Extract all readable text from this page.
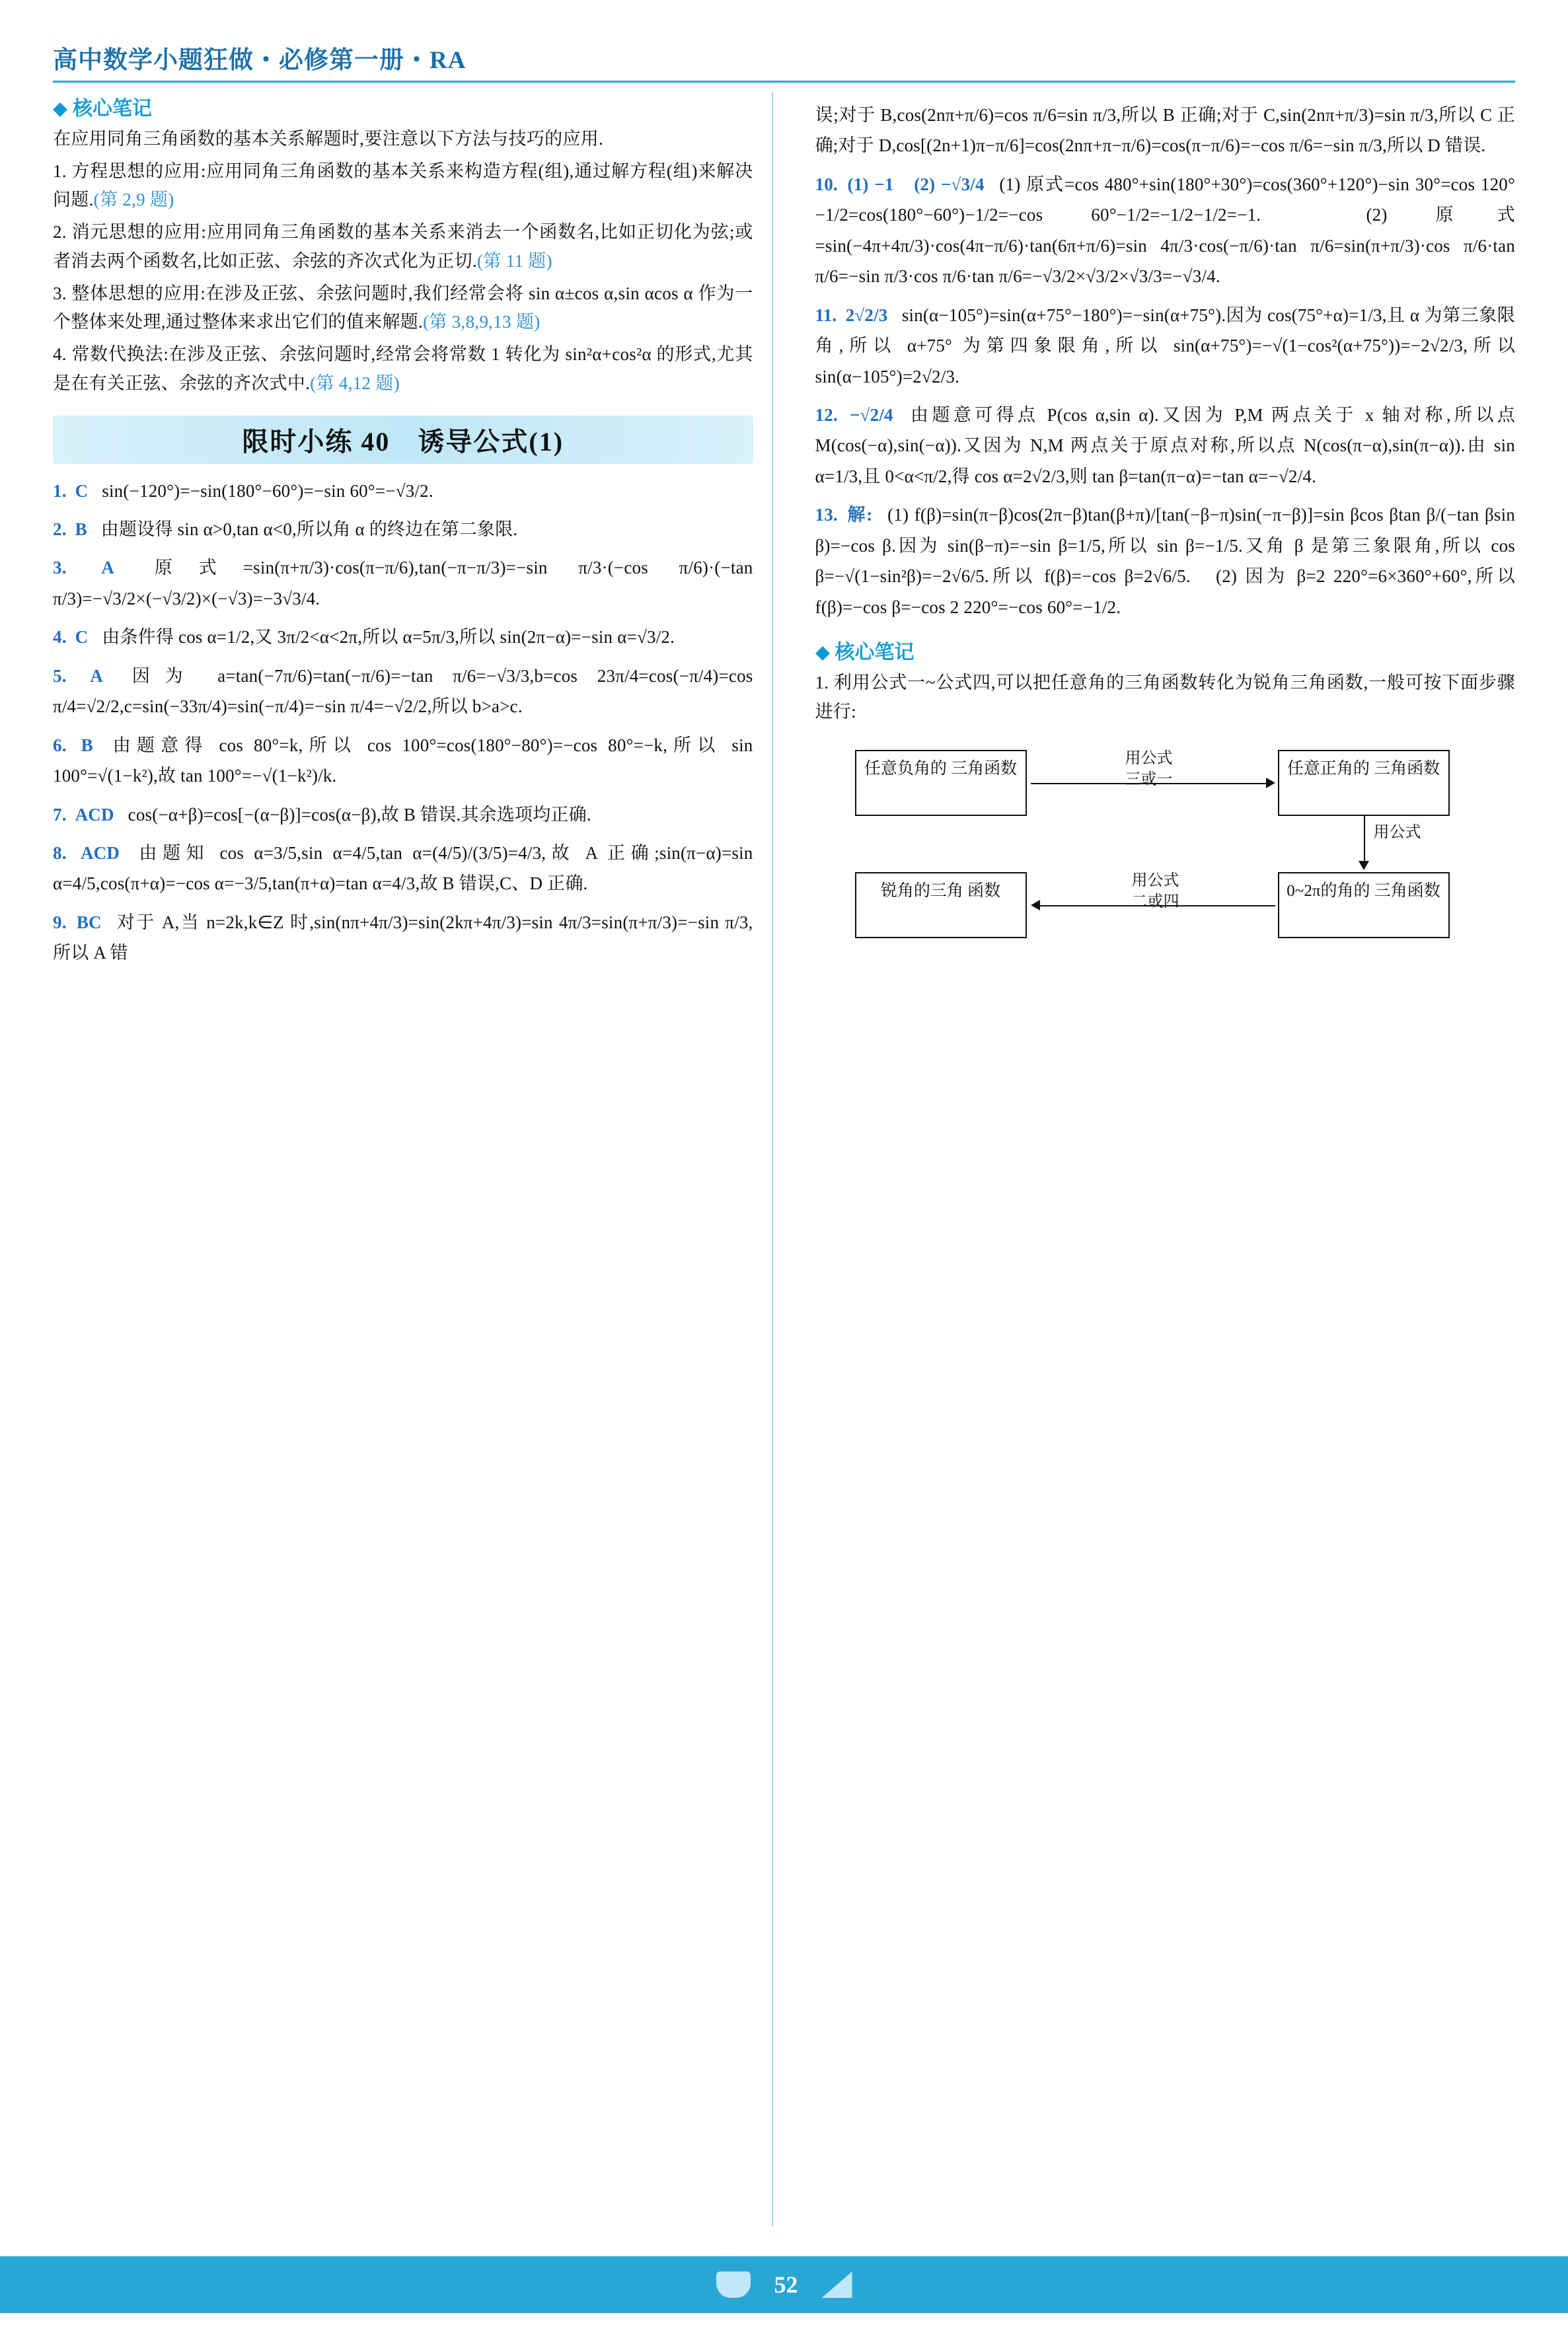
高中数学小题狂做・必修第一册・RA
核心笔记

在应用同角三角函数的基本关系解题时,要注意以下方法与技巧的应用.

1. 方程思想的应用:应用同角三角函数的基本关系来构造方程(组),通过解方程(组)来解决问题.(第 2,9 题)

2. 消元思想的应用:应用同角三角函数的基本关系来消去一个函数名,比如正切化为弦;或者消去两个函数名,比如正弦、余弦的齐次式化为正切.(第 11 题)

3. 整体思想的应用:在涉及正弦、余弦问题时,我们经常会将 sin α±cos α,sin αcos α 作为一个整体来处理,通过整体来求出它们的值来解题.(第 3,8,9,13 题)

4. 常数代换法:在涉及正弦、余弦问题时,经常会将常数 1 转化为 sin²α+cos²α 的形式,尤其是在有关正弦、余弦的齐次式中.(第 4,12 题)

限时小练 40　诱导公式(1)
1. C sin(−120°)=−sin(180°−60°)=−sin 60°=−√3/2.
2. B 由题设得 sin α>0,tan α<0,所以角 α 的终边在第二象限.
3. A 原式=sin(π+π/3)·cos(π−π/6),tan(−π−π/3)=−sin π/3·(−cos π/6)·(−tan π/3)=−√3/2×(−√3/2)×(−√3)=−3√3/4.
4. C 由条件得 cos α=1/2,又 3π/2<α<2π,所以 α=5π/3,所以 sin(2π−α)=−sin α=√3/2.
5. A 因为 a=tan(−7π/6)=tan(−π/6)=−tan π/6=−√3/3,b=cos 23π/4=cos(−π/4)=cos π/4=√2/2,c=sin(−33π/4)=sin(−π/4)=−sin π/4=−√2/2,所以 b>a>c.
6. B 由题意得 cos 80°=k,所以 cos 100°=cos(180°−80°)=−cos 80°=−k,所以 sin 100°=√(1−k²),故 tan 100°=−√(1−k²)/k.
7. ACD cos(−α+β)=cos[−(α−β)]=cos(α−β),故 B 错误.其余选项均正确.
8. ACD 由题知 cos α=3/5,sin α=4/5,tan α=(4/5)/(3/5)=4/3,故 A 正确;sin(π−α)=sin α=4/5,cos(π+α)=−cos α=−3/5,tan(π+α)=tan α=4/3,故 B 错误,C、D 正确.
9. BC 对于 A,当 n=2k,k∈Z 时,sin(nπ+4π/3)=sin(2kπ+4π/3)=sin 4π/3=sin(π+π/3)=−sin π/3,所以 A 错
误;对于 B,cos(2nπ+π/6)=cos π/6=sin π/3,所以 B 正确;对于 C,sin(2nπ+π/3)=sin π/3,所以 C 正确;对于 D,cos[(2n+1)π−π/6]=cos(2nπ+π−π/6)=cos(π−π/6)=−cos π/6=−sin π/3,所以 D 错误.
10. (1) −1　(2) −√3/4 (1) 原式=cos 480°+sin(180°+30°)=cos(360°+120°)−sin 30°=cos 120°−1/2=cos(180°−60°)−1/2=−cos 60°−1/2=−1/2−1/2=−1.　(2) 原式=sin(−4π+4π/3)·cos(4π−π/6)·tan(6π+π/6)=sin 4π/3·cos(−π/6)·tan π/6=sin(π+π/3)·cos π/6·tan π/6=−sin π/3·cos π/6·tan π/6=−√3/2×√3/2×√3/3=−√3/4.
11. 2√2/3 sin(α−105°)=sin(α+75°−180°)=−sin(α+75°).因为 cos(75°+α)=1/3,且 α 为第三象限角,所以 α+75° 为第四象限角,所以 sin(α+75°)=−√(1−cos²(α+75°))=−2√2/3,所以 sin(α−105°)=2√2/3.
12. −√2/4 由题意可得点 P(cos α,sin α).又因为 P,M 两点关于 x 轴对称,所以点 M(cos(−α),sin(−α)).又因为 N,M 两点关于原点对称,所以点 N(cos(π−α),sin(π−α)).由 sin α=1/3,且 0<α<π/2,得 cos α=2√2/3,则 tan β=tan(π−α)=−tan α=−√2/4.
13. 解: (1) f(β)=sin(π−β)cos(2π−β)tan(β+π)/[tan(−β−π)sin(−π−β)]=sin βcos βtan β/(−tan βsin β)=−cos β.因为 sin(β−π)=−sin β=1/5,所以 sin β=−1/5.又角 β 是第三象限角,所以 cos β=−√(1−sin²β)=−2√6/5.所以 f(β)=−cos β=2√6/5.　(2) 因为 β=2 220°=6×360°+60°,所以 f(β)=−cos β=−cos 2 220°=−cos 60°=−1/2.
核心笔记

1. 利用公式一~公式四,可以把任意角的三角函数转化为锐角三角函数,一般可按下面步骤进行:

任意负角的 三角函数	任意正角的 三角函数
0~2π的角的 三角函数
锐角的三角 函数
用公式
三或一
用公式
用公式
二或四
52
